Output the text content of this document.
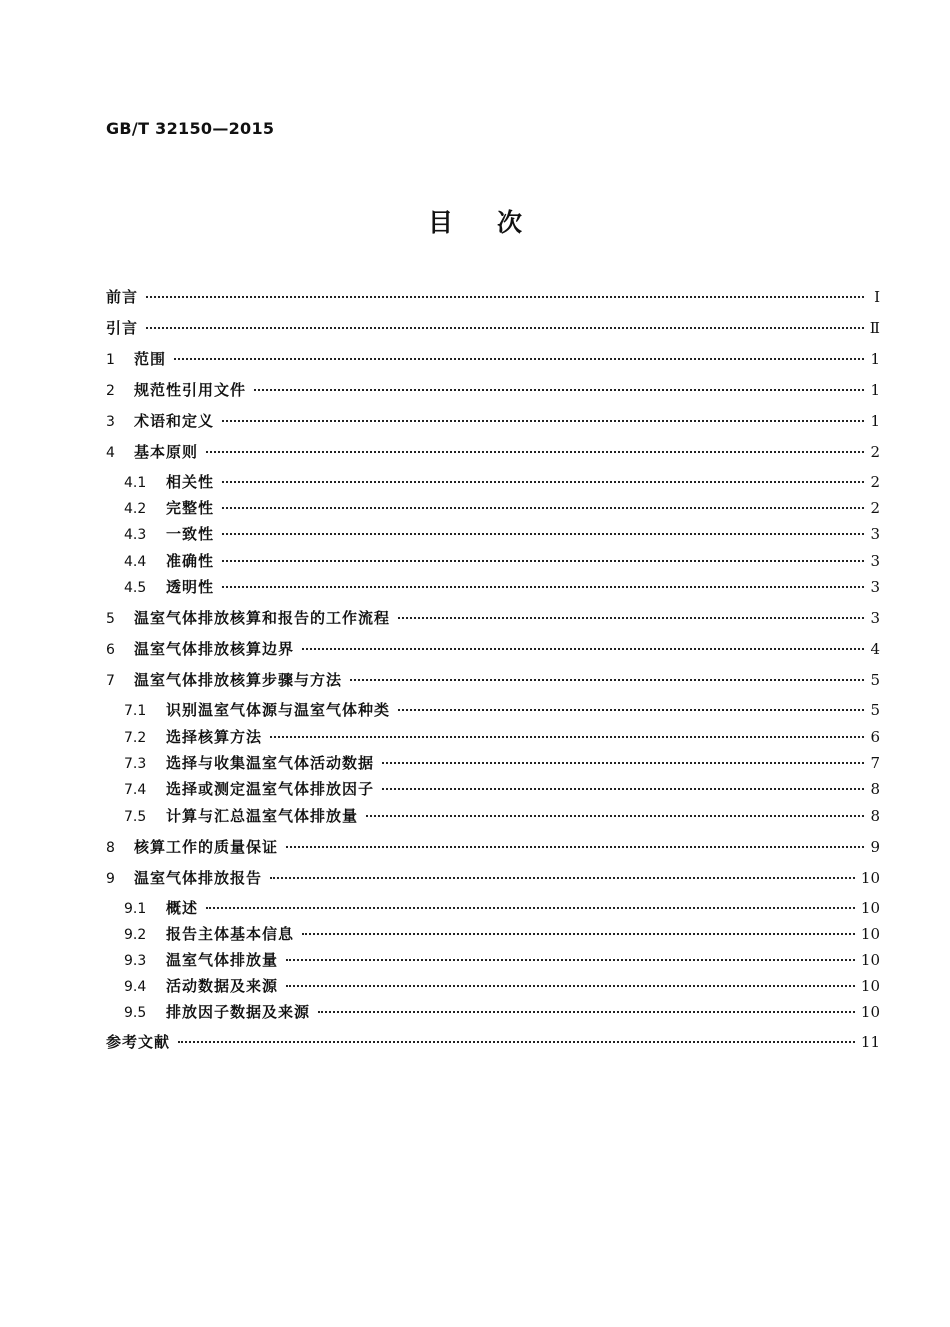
GB/T 32150—2015
目次
前言	Ⅰ
引言	Ⅱ
1	范围	1
2	规范性引用文件	1
3	术语和定义	1
4	基本原则	2
4.1	相关性	2
4.2	完整性	2
4.3	一致性	3
4.4	准确性	3
4.5	透明性	3
5	温室气体排放核算和报告的工作流程	3
6	温室气体排放核算边界	4
7	温室气体排放核算步骤与方法	5
7.1	识别温室气体源与温室气体种类	5
7.2	选择核算方法	6
7.3	选择与收集温室气体活动数据	7
7.4	选择或测定温室气体排放因子	8
7.5	计算与汇总温室气体排放量	8
8	核算工作的质量保证	9
9	温室气体排放报告	10
9.1	概述	10
9.2	报告主体基本信息	10
9.3	温室气体排放量	10
9.4	活动数据及来源	10
9.5	排放因子数据及来源	10
参考文献	11
